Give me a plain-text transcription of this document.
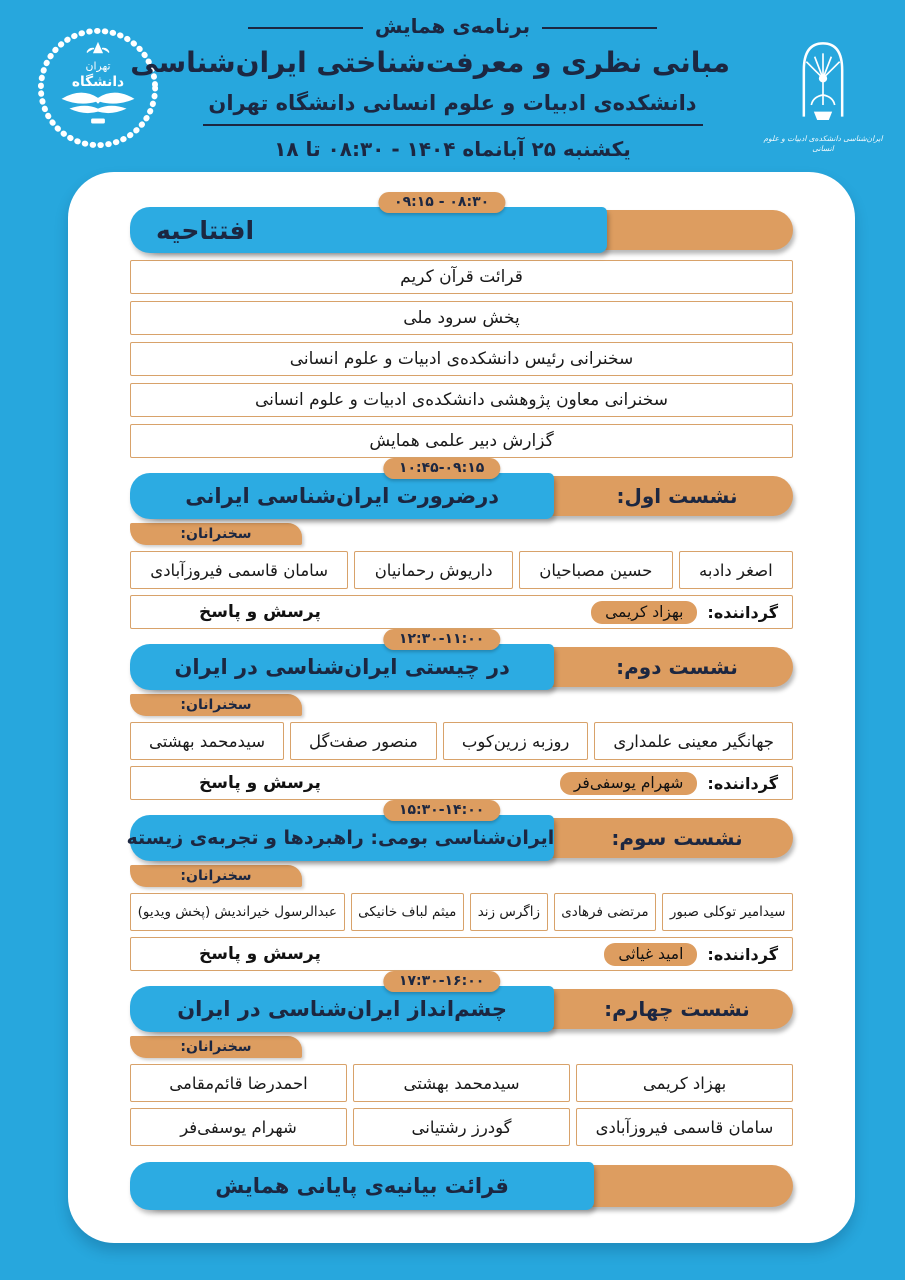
تهران
دانشگاه
ایران‌شناسی دانشکده‌ی ادبیات و علوم انسانی
برنامه‌ی همایش
مبانی نظری و معرفت‌شناختی ایران‌شناسی
دانشکده‌ی ادبیات و علوم انسانی دانشگاه تهران
یکشنبه ۲۵ آبانماه ۱۴۰۴ - ۰۸:۳۰ تا ۱۸
افتتاحیه
۰۹:۱۵ - ۰۸:۳۰
قرائت قرآن کریم
پخش سرود ملی
سخنرانی رئیس دانشکده‌ی ادبیات و علوم انسانی
سخنرانی معاون پژوهشی دانشکده‌ی ادبیات و علوم انسانی
گزارش دبیر علمی همایش
نشست اول:
درضرورت ایران‌شناسی ایرانی
۱۰:۴۵-۰۹:۱۵
سخنرانان:
اصغر دادبه
حسین مصباحیان
داریوش رحمانیان
سامان قاسمی فیروزآبادی
گرداننده:
بهزاد کریمی
پرسش و پاسخ
نشست دوم:
در چیستی ایران‌شناسی در ایران
۱۲:۳۰-۱۱:۰۰
سخنرانان:
جهانگیر معینی علمداری
روزبه زرین‌کوب
منصور صفت‌گل
سیدمحمد بهشتی
گرداننده:
شهرام یوسفی‌فر
پرسش و پاسخ
نشست سوم:
ایران‌شناسی بومی: راهبردها و تجربه‌ی زیسته
۱۵:۳۰-۱۴:۰۰
سخنرانان:
سیدامیر توکلی صبور
مرتضی فرهادی
زاگرس زند
میثم لباف خانیکی
عبدالرسول خیراندیش (پخش ویدیو)
گرداننده:
امید غیاثی
پرسش و پاسخ
نشست چهارم:
چشم‌انداز ایران‌شناسی در ایران
۱۷:۳۰-۱۶:۰۰
سخنرانان:
بهزاد کریمی
سیدمحمد بهشتی
احمدرضا قائم‌مقامی
سامان قاسمی فیروزآبادی
گودرز رشتیانی
شهرام یوسفی‌فر
قرائت بیانیه‌ی پایانی همایش
